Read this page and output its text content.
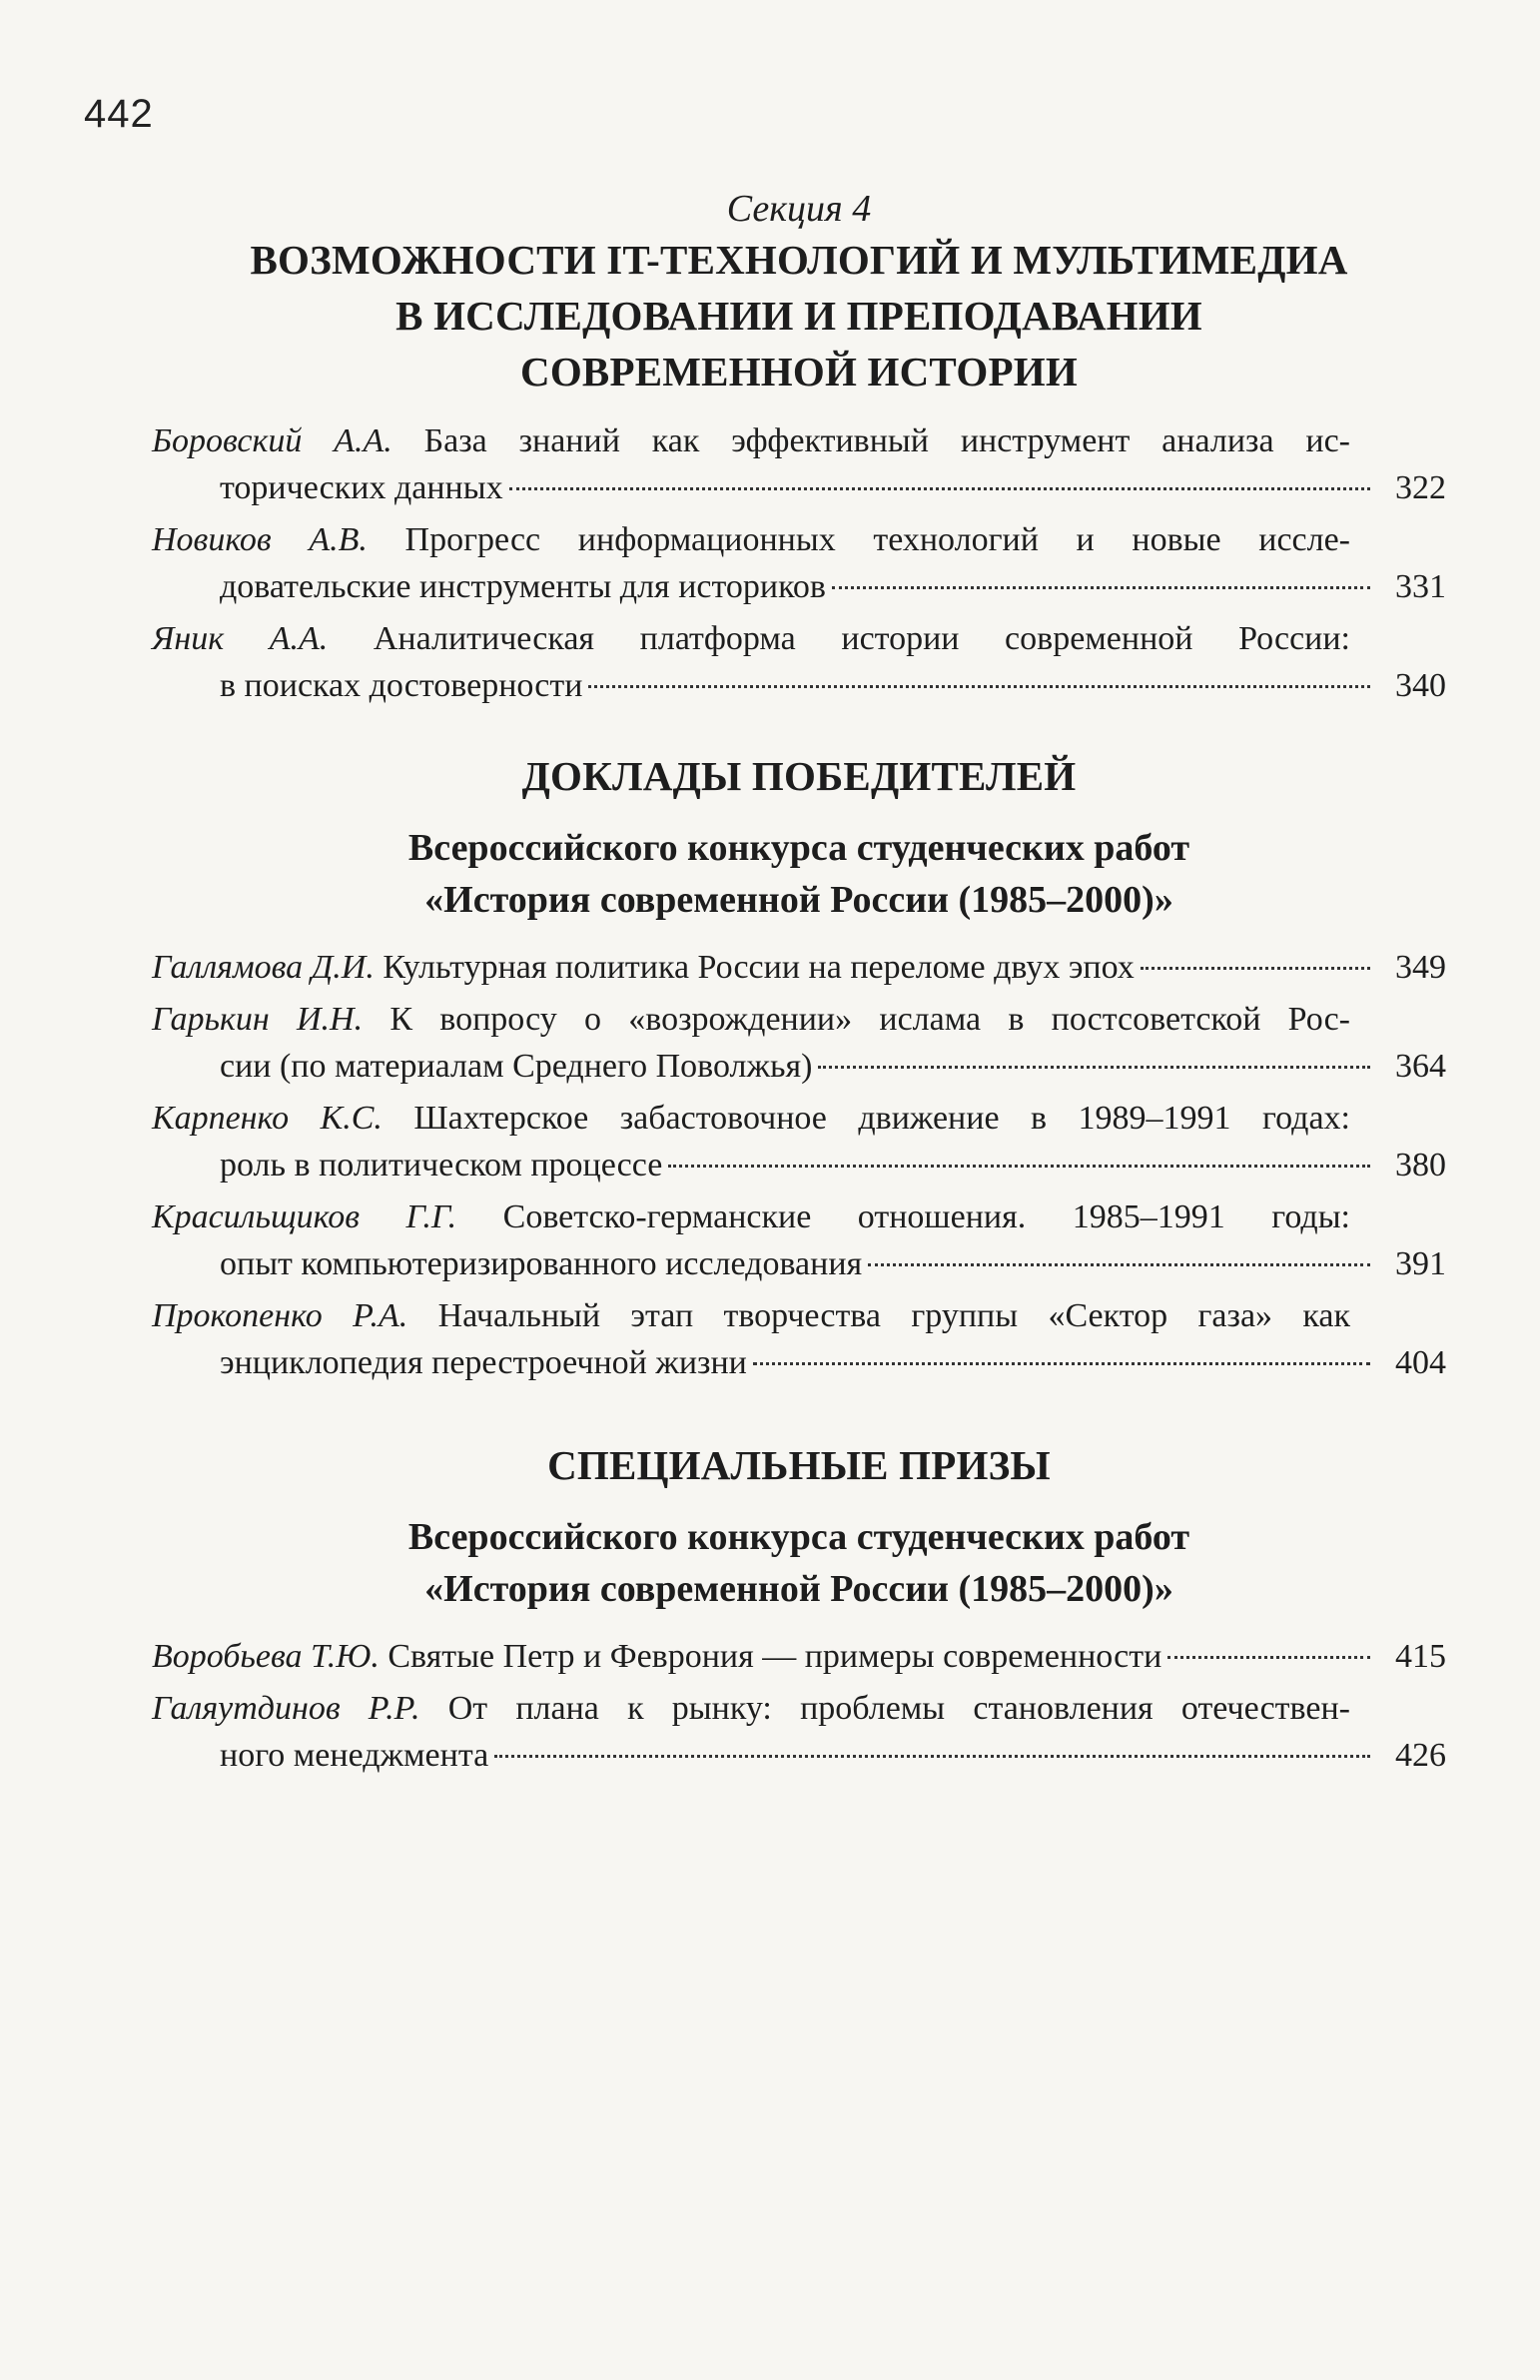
442
Секция 4
ВОЗМОЖНОСТИ IT-ТЕХНОЛОГИЙ И МУЛЬТИМЕДИА
В ИССЛЕДОВАНИИ И ПРЕПОДАВАНИИ
СОВРЕМЕННОЙ ИСТОРИИ
Боровский А.А. База знаний как эффективный инструмент анализа ис-
торических данных	322
Новиков А.В. Прогресс информационных технологий и новые иссле-
довательские инструменты для историков	331
Яник А.А. Аналитическая платформа истории современной России:
в поисках достоверности	340
ДОКЛАДЫ ПОБЕДИТЕЛЕЙ
Всероссийского конкурса студенческих работ
«История современной России (1985–2000)»
Галлямова Д.И.
Культурная политика России на переломе двух эпох	349
Гарькин И.Н. К вопросу о «возрождении» ислама в постсоветской Рос-
сии (по материалам Среднего Поволжья)	364
Карпенко К.С. Шахтерское забастовочное движение в 1989–1991 годах:
роль в политическом процессе	380
Красильщиков Г.Г. Советско-германские отношения. 1985–1991 годы:
опыт компьютеризированного исследования	391
Прокопенко Р.А. Начальный этап творчества группы «Сектор газа» как
энциклопедия перестроечной жизни	404
СПЕЦИАЛЬНЫЕ ПРИЗЫ
Всероссийского конкурса студенческих работ
«История современной России (1985–2000)»
Воробьева Т.Ю.
Святые Петр и Феврония — примеры современности	415
Галяутдинов Р.Р. От плана к рынку: проблемы становления отечествен-
ного менеджмента	426
